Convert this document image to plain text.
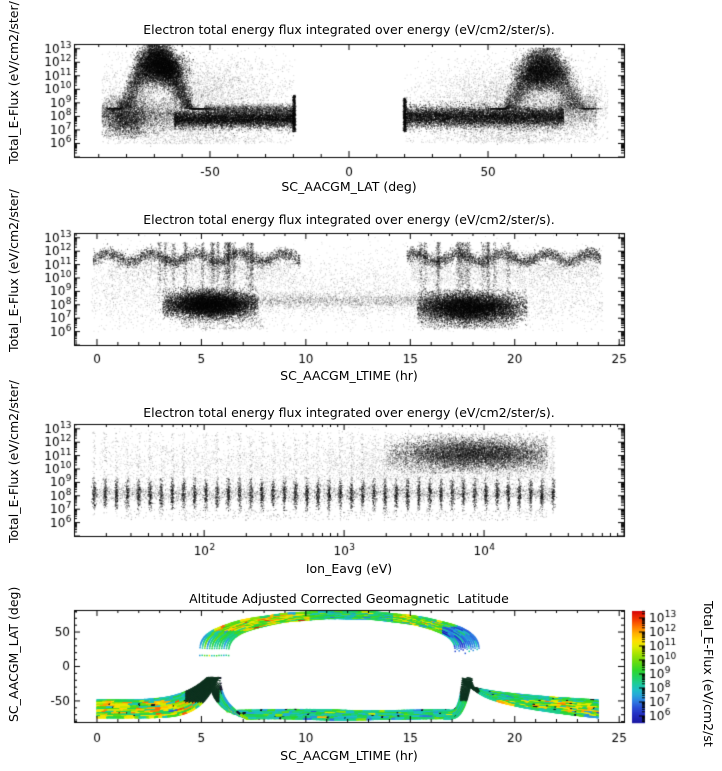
Electron total energy flux integrated over energy (eV/cm2/ster/s).
Electron total energy flux integrated over energy (eV/cm2/ster/s).
Electron total energy flux integrated over energy (eV/cm2/ster/s).
Altitude Adjusted Corrected Geomagnetic  Latitude
SC_AACGM_LAT (deg)
SC_AACGM_LTIME (hr)
Ion_Eavg (eV)
SC_AACGM_LTIME (hr)
Total_E-Flux (eV/cm2/ster/
Total_E-Flux (eV/cm2/ster/
Total_E-Flux (eV/cm2/ster/
SC_AACGM_LAT (deg)	Total_E-Flux (eV/cm2/st
